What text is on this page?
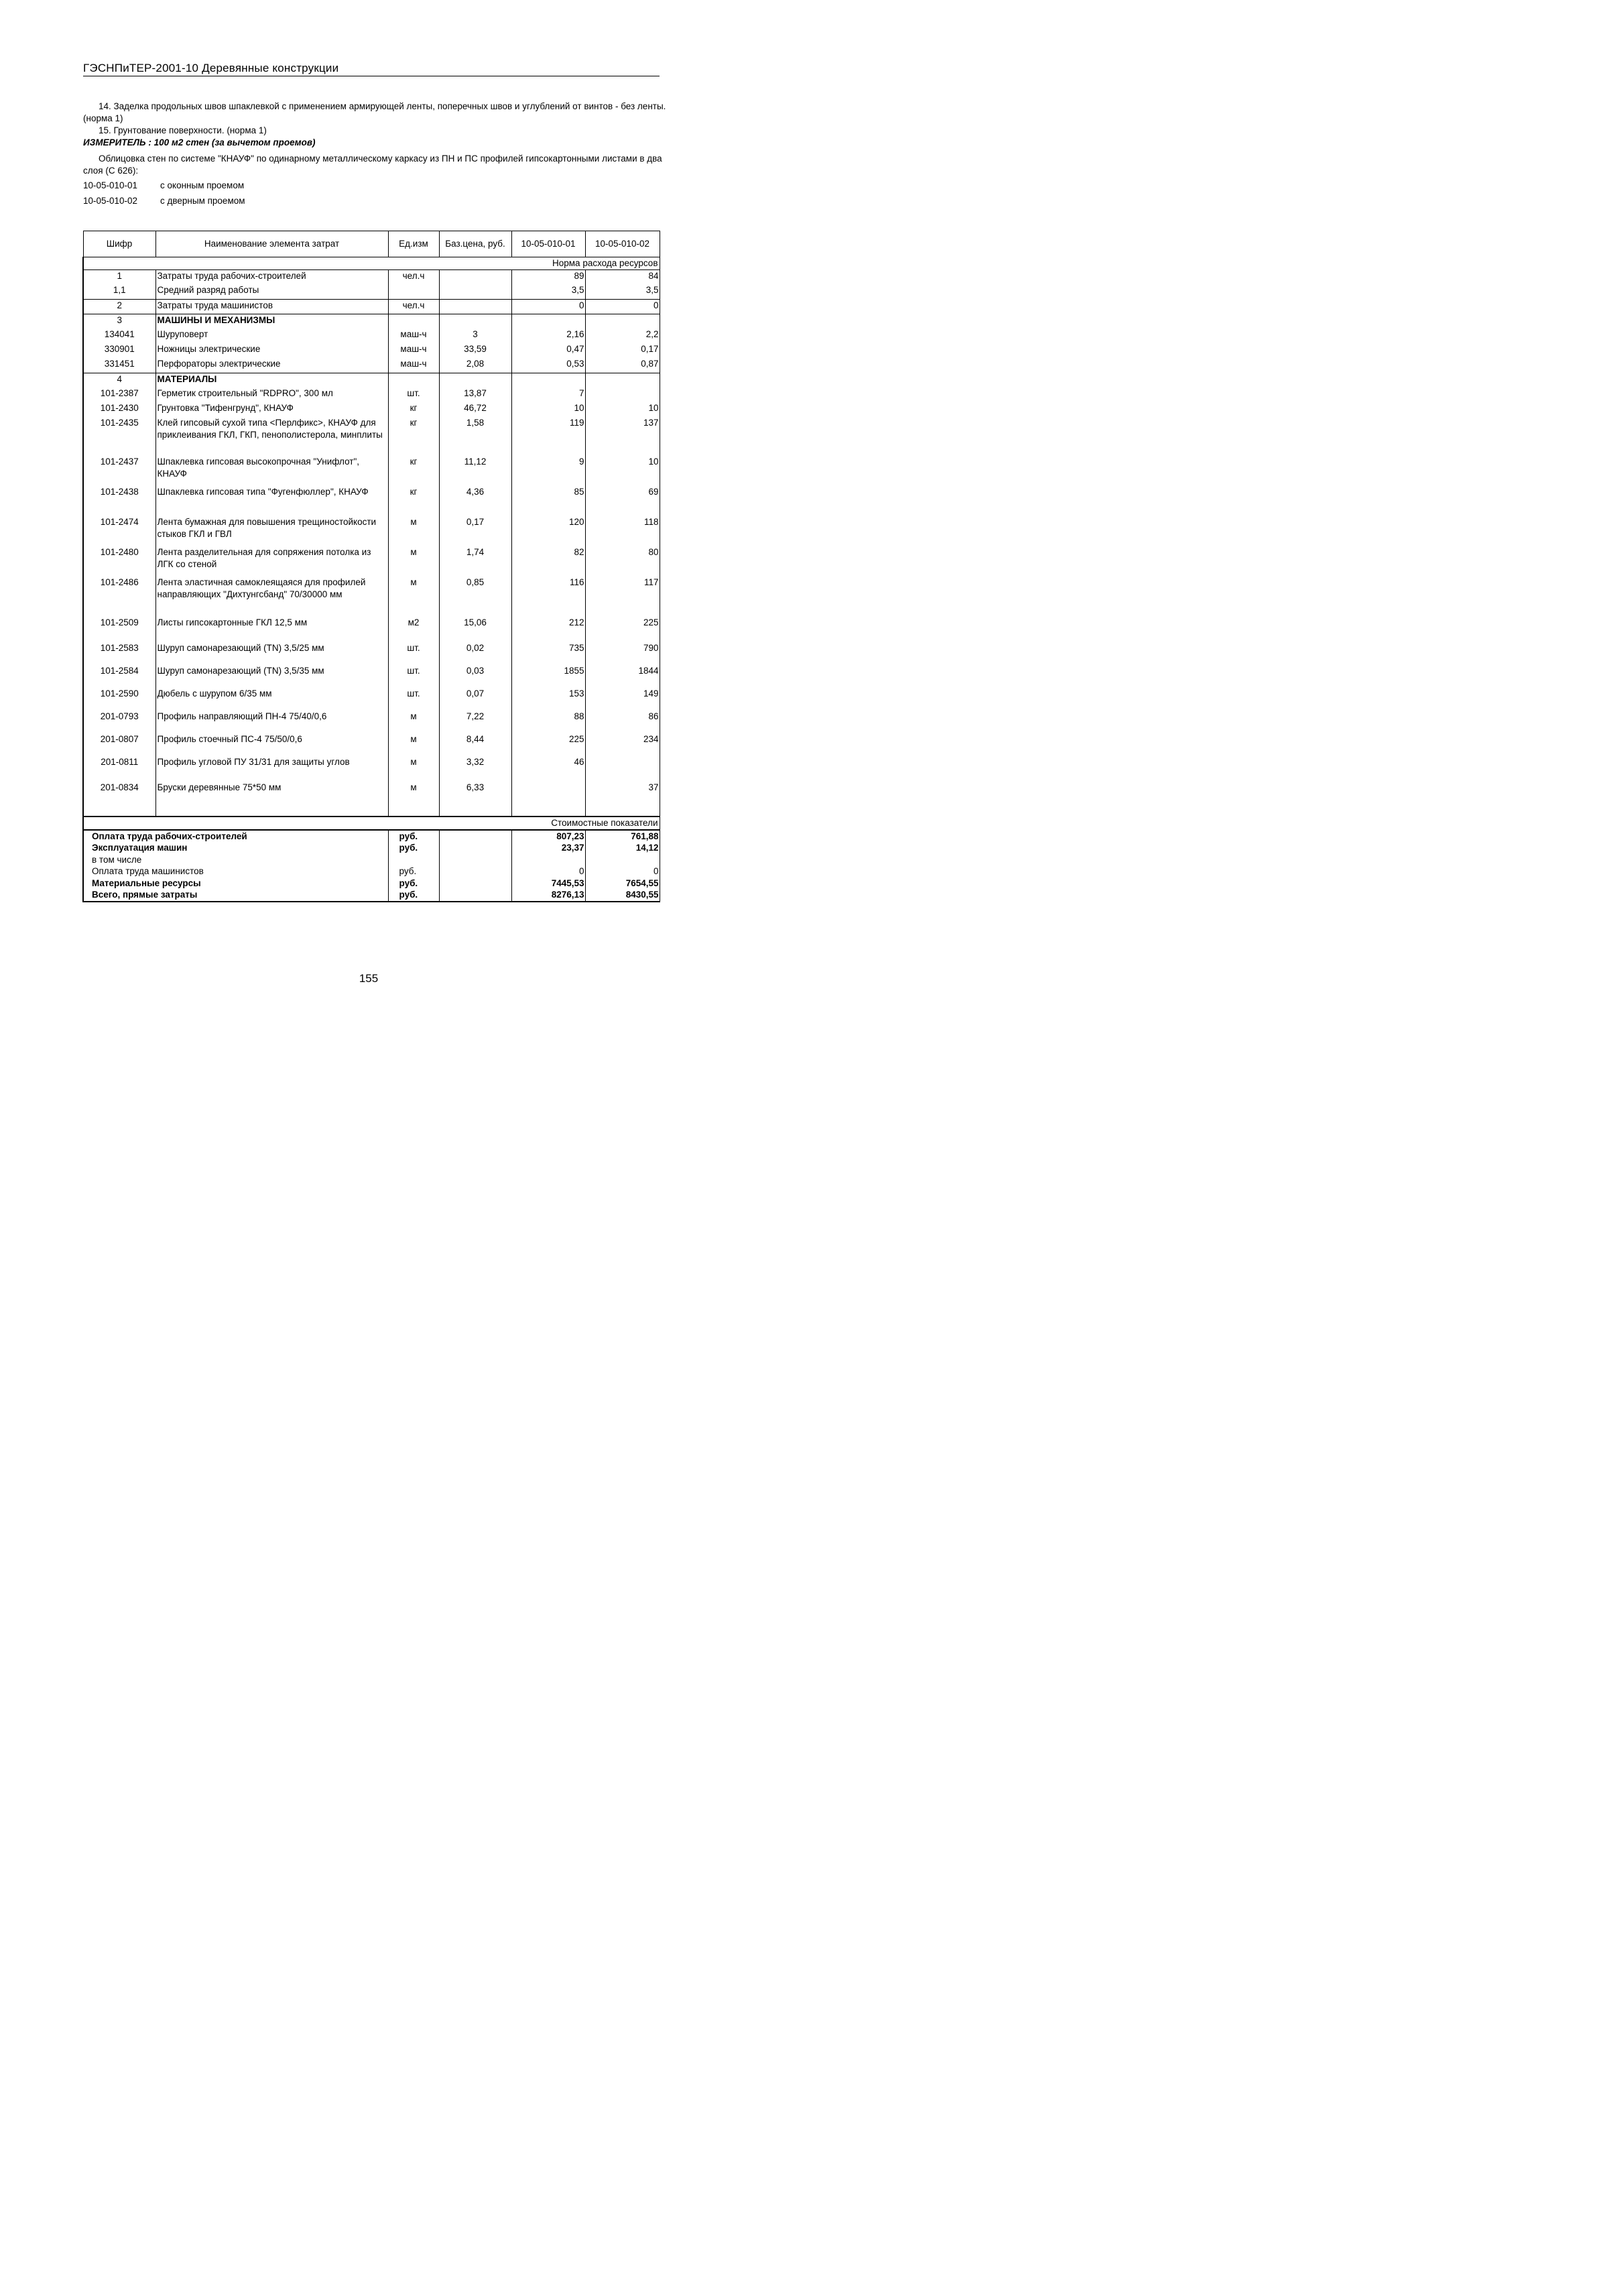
ГЭСНПиТЕР-2001-10 Деревянные конструкции

14. Заделка продольных швов шпаклевкой с применением армирующей ленты, поперечных швов и углублений от винтов - без ленты. (норма 1)

15. Грунтование поверхности. (норма 1)

ИЗМЕРИТЕЛЬ : 100 м2 стен (за вычетом проемов)

Облицовка стен по системе "КНАУФ" по одинарному металлическому каркасу из ПН и ПС профилей гипсокартонными листами в два слоя (С 626):

10-05-010-01	с оконным проемом
10-05-010-02	с дверным проемом
Шифр	Наименование элемента затрат	Ед.изм	Баз.цена, руб.	10-05-010-01	10-05-010-02
Норма расхода ресурсов					
1	Затраты труда рабочих-строителей	чел.ч		89	84
1,1	Средний разряд работы			3,5	3,5
2	Затраты труда машинистов	чел.ч		0	0
3	МАШИНЫ И МЕХАНИЗМЫ				
134041	Шуруповерт	маш-ч	3	2,16	2,2
330901	Ножницы электрические	маш-ч	33,59	0,47	0,17
331451	Перфораторы электрические	маш-ч	2,08	0,53	0,87
4	МАТЕРИАЛЫ				
101-2387	Герметик строительный "RDPRO", 300 мл	шт.	13,87	7	
101-2430	Грунтовка "Тифенгрунд", КНАУФ	кг	46,72	10	10
101-2435	Клей гипсовый сухой типа <Перлфикс>, КНАУФ для приклеивания ГКЛ, ГКП, пенополистерола, минплиты	кг	1,58	119	137
101-2437	Шпаклевка гипсовая высокопрочная "Унифлот", КНАУФ	кг	11,12	9	10
101-2438	Шпаклевка гипсовая типа "Фугенфюллер", КНАУФ	кг	4,36	85	69
101-2474	Лента бумажная для повышения трещиностойкости стыков ГКЛ и ГВЛ	м	0,17	120	118
101-2480	Лента разделительная для сопряжения потолка из ЛГК со стеной	м	1,74	82	80
101-2486	Лента эластичная самоклеящаяся для профилей направляющих "Дихтунгсбанд" 70/30000 мм	м	0,85	116	117
101-2509	Листы гипсокартонные ГКЛ 12,5 мм	м2	15,06	212	225
101-2583	Шуруп самонарезающий (TN) 3,5/25 мм	шт.	0,02	735	790
101-2584	Шуруп самонарезающий (TN) 3,5/35 мм	шт.	0,03	1855	1844
101-2590	Дюбель с шурупом 6/35 мм	шт.	0,07	153	149
201-0793	Профиль направляющий ПН-4 75/40/0,6	м	7,22	88	86
201-0807	Профиль стоечный ПС-4 75/50/0,6	м	8,44	225	234
201-0811	Профиль угловой ПУ 31/31 для защиты углов	м	3,32	46	
201-0834	Бруски деревянные 75*50 мм	м	6,33		37
Стоимостные показатели					
Оплата труда рабочих-строителей		руб.		807,23	761,88
Эксплуатация машин		руб.		23,37	14,12
в том числе					
Оплата труда машинистов		руб.		0	0
Материальные ресурсы		руб.		7445,53	7654,55
Всего, прямые затраты		руб.		8276,13	8430,55
155
